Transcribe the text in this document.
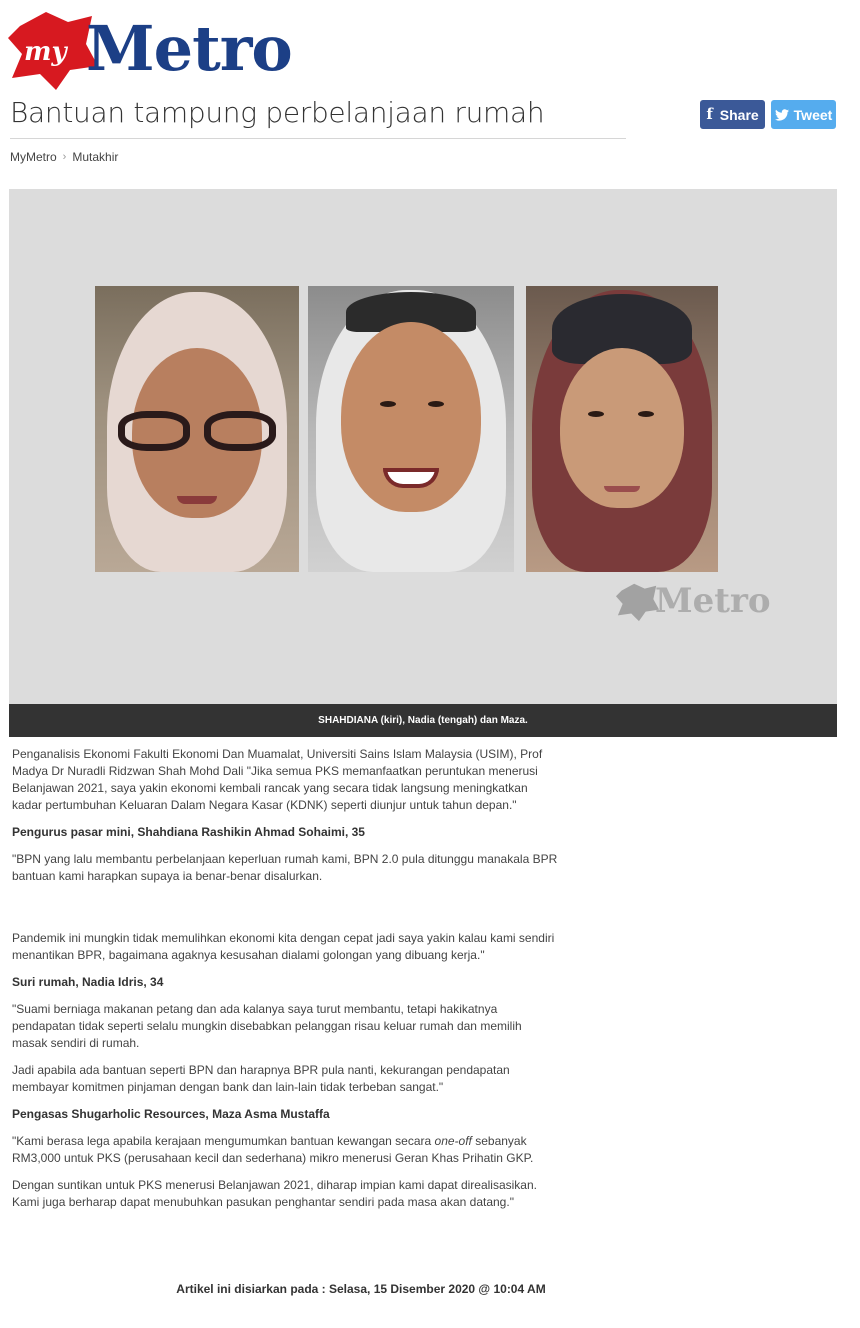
my Metro
Bantuan tampung perbelanjaan rumah	f Share Tweet
MyMetro › Mutakhir
Metro
SHAHDIANA (kiri), Nadia (tengah) dan Maza.

Penganalisis Ekonomi Fakulti Ekonomi Dan Muamalat, Universiti Sains Islam Malaysia (USIM), Prof Madya Dr Nuradli Ridzwan Shah Mohd Dali "Jika semua PKS memanfaatkan peruntukan menerusi Belanjawan 2021, saya yakin ekonomi kembali rancak yang secara tidak langsung meningkatkan kadar pertumbuhan Keluaran Dalam Negara Kasar (KDNK) seperti diunjur untuk tahun depan."

Pengurus pasar mini, Shahdiana Rashikin Ahmad Sohaimi, 35

"BPN yang lalu membantu perbelanjaan keperluan rumah kami, BPN 2.0 pula ditunggu manakala BPR bantuan kami harapkan supaya ia benar-benar disalurkan.

Pandemik ini mungkin tidak memulihkan ekonomi kita dengan cepat jadi saya yakin kalau kami sendiri menantikan BPR, bagaimana agaknya kesusahan dialami golongan yang dibuang kerja."

Suri rumah, Nadia Idris, 34

"Suami berniaga makanan petang dan ada kalanya saya turut membantu, tetapi hakikatnya pendapatan tidak seperti selalu mungkin disebabkan pelanggan risau keluar rumah dan memilih masak sendiri di rumah.

Jadi apabila ada bantuan seperti BPN dan harapnya BPR pula nanti, kekurangan pendapatan membayar komitmen pinjaman dengan bank dan lain-lain tidak terbeban sangat."

Pengasas Shugarholic Resources, Maza Asma Mustaffa

"Kami berasa lega apabila kerajaan mengumumkan bantuan kewangan secara one-off sebanyak RM3,000 untuk PKS (perusahaan kecil dan sederhana) mikro menerusi Geran Khas Prihatin GKP.

Dengan suntikan untuk PKS menerusi Belanjawan 2021, diharap impian kami dapat direalisasikan. Kami juga berharap dapat menubuhkan pasukan penghantar sendiri pada masa akan datang."

Artikel ini disiarkan pada : Selasa, 15 Disember 2020 @ 10:04 AM
